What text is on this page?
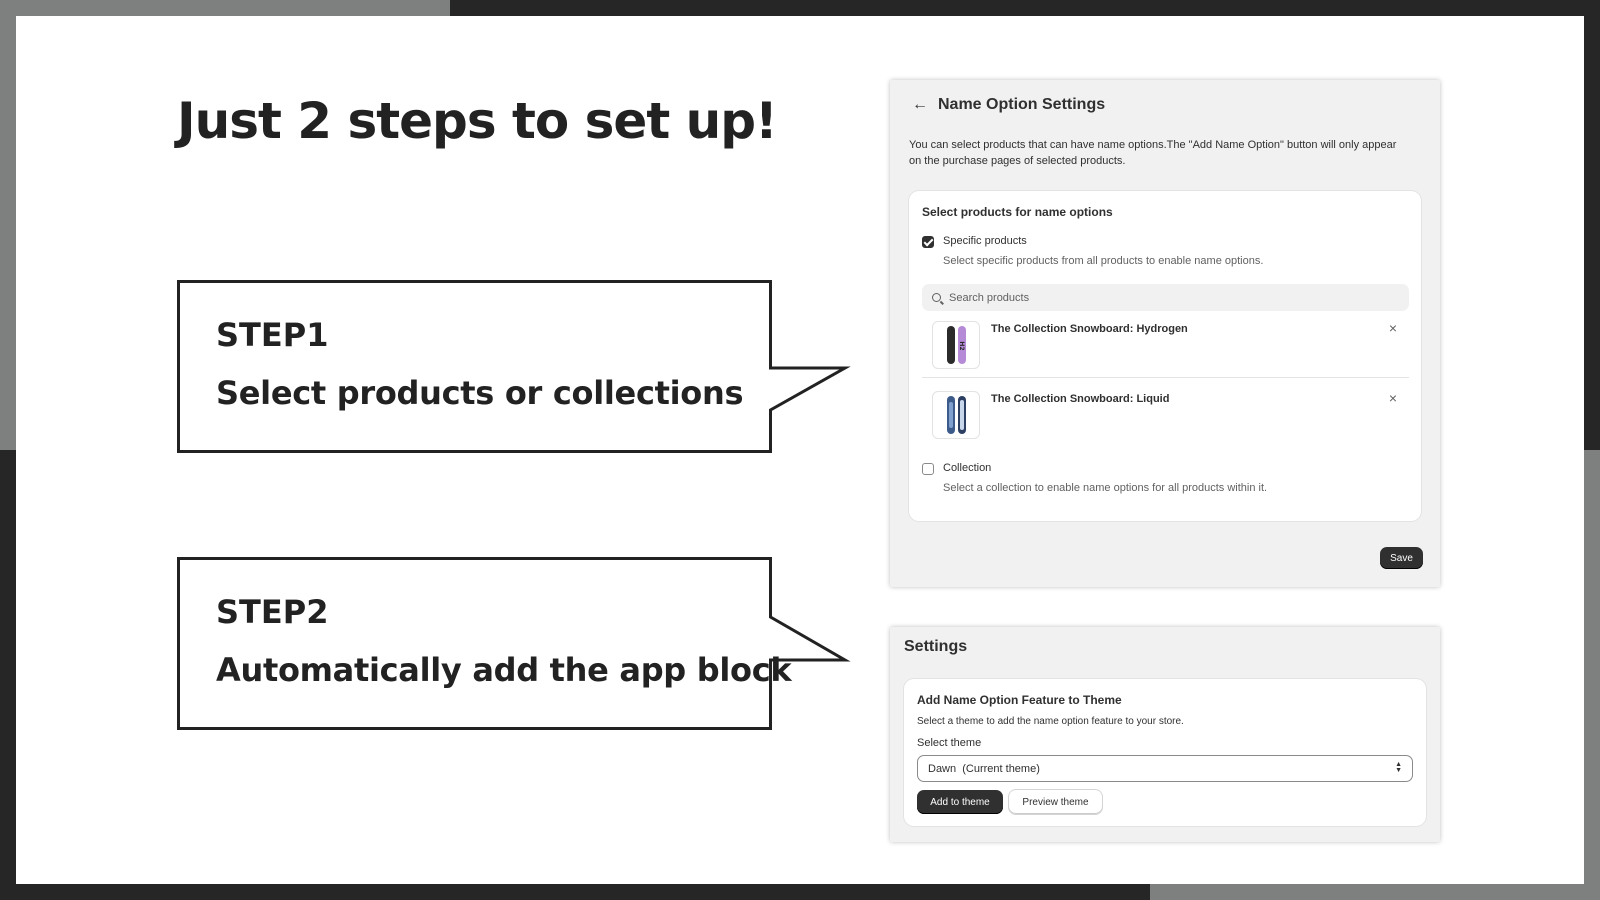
Just 2 steps to set up!
STEP1
Select products or collections
STEP2
Automatically add the app block
← Name Option Settings
You can select products that can have name options.The "Add Name Option" button will only appear on the purchase pages of selected products.
Select products for name options
Specific products
Select specific products from all products to enable name options.
Search products
H2
The Collection Snowboard: Hydrogen	×
The Collection Snowboard: Liquid	×
Collection
Select a collection to enable name options for all products within it.
Save
Settings
Add Name Option Feature to Theme
Select a theme to add the name option feature to your store.
Select theme
Dawn  (Current theme)	▲
▼
Add to theme	Preview theme
